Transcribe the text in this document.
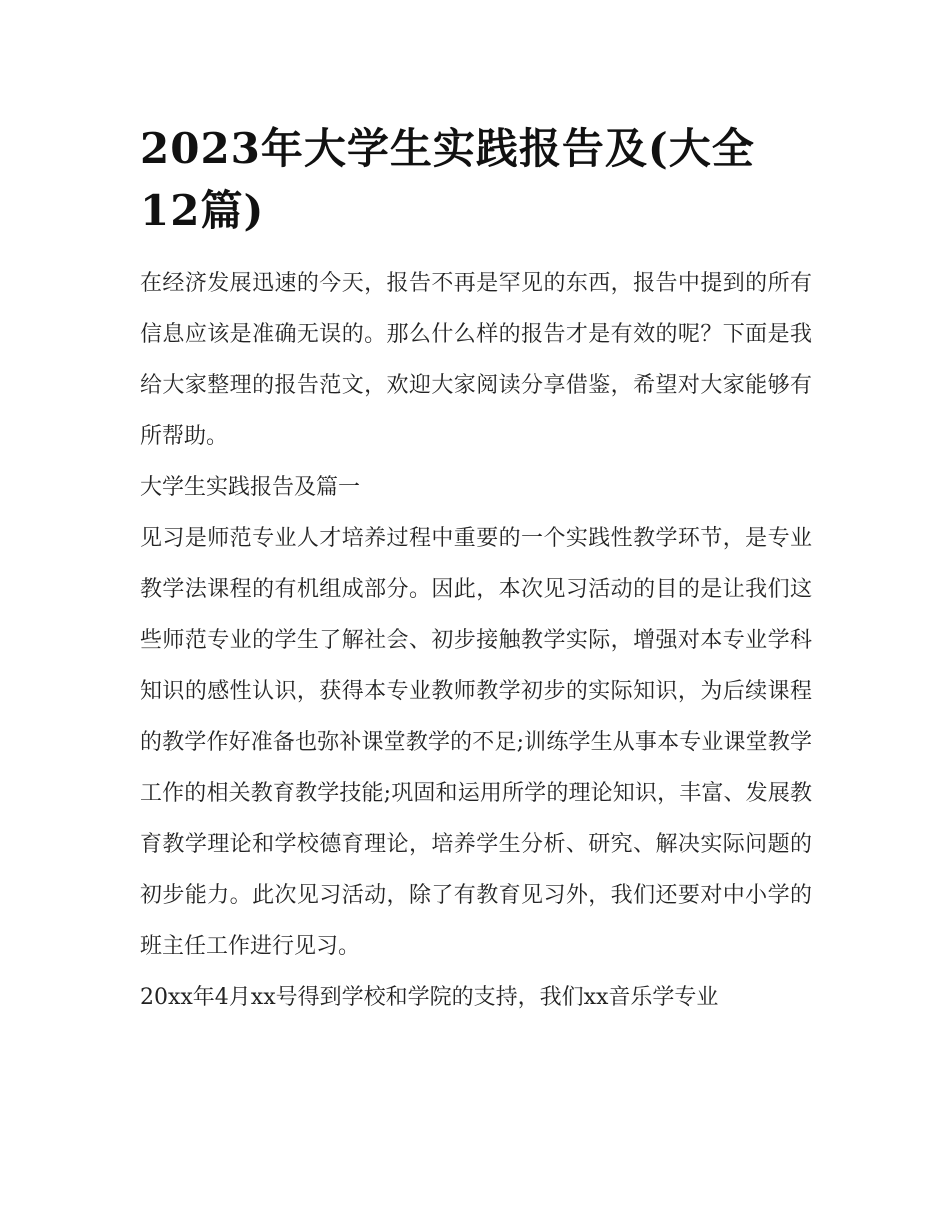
2023年大学生实践报告及(大全12篇)

在经济发展迅速的今天，报告不再是罕见的东西，报告中提到的所有信息应该是准确无误的。那么什么样的报告才是有效的呢？下面是我给大家整理的报告范文，欢迎大家阅读分享借鉴，希望对大家能够有所帮助。

大学生实践报告及篇一

见习是师范专业人才培养过程中重要的一个实践性教学环节，是专业教学法课程的有机组成部分。因此，本次见习活动的目的是让我们这些师范专业的学生了解社会、初步接触教学实际，增强对本专业学科知识的感性认识，获得本专业教师教学初步的实际知识，为后续课程的教学作好准备也弥补课堂教学的不足;训练学生从事本专业课堂教学工作的相关教育教学技能;巩固和运用所学的理论知识，丰富、发展教育教学理论和学校德育理论，培养学生分析、研究、解决实际问题的初步能力。此次见习活动，除了有教育见习外，我们还要对中小学的班主任工作进行见习。

20xx年4月xx号得到学校和学院的支持，我们xx音乐学专业
